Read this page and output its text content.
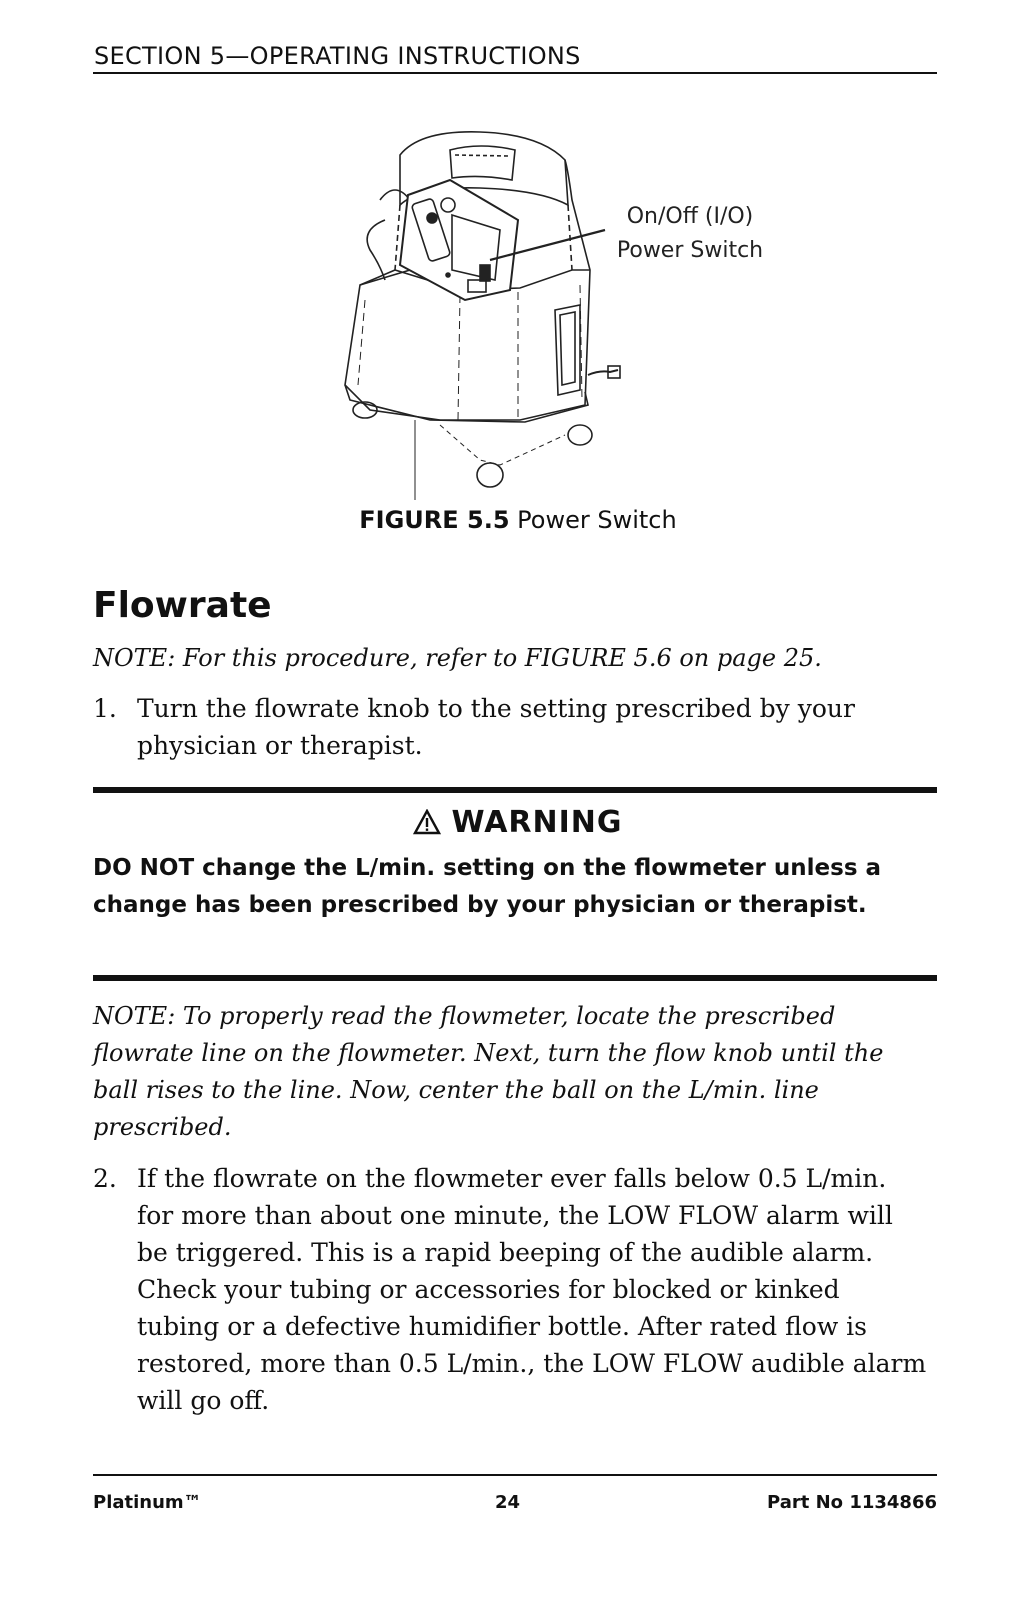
SECTION 5—OPERATING INSTRUCTIONS
On/Off (I/O)
Power Switch
FIGURE 5.5 Power Switch
Flowrate
NOTE: For this procedure, refer to FIGURE 5.6 on page 25.
1. Turn the flowrate knob to the setting prescribed by your physician or therapist.
WARNING
DO NOT change the L/min. setting on the flowmeter unless a change has been prescribed by your physician or therapist.
NOTE: To properly read the flowmeter, locate the prescribed flowrate line on the flowmeter. Next, turn the flow knob until the ball rises to the line. Now, center the ball on the L/min. line prescribed.
2. If the flowrate on the flowmeter ever falls below 0.5 L/min. for more than about one minute, the LOW FLOW alarm will be triggered. This is a rapid beeping of the audible alarm. Check your tubing or accessories for blocked or kinked tubing or a defective humidifier bottle. After rated flow is restored, more than 0.5 L/min., the LOW FLOW audible alarm will go off.
Platinum™	24	Part No 1134866
